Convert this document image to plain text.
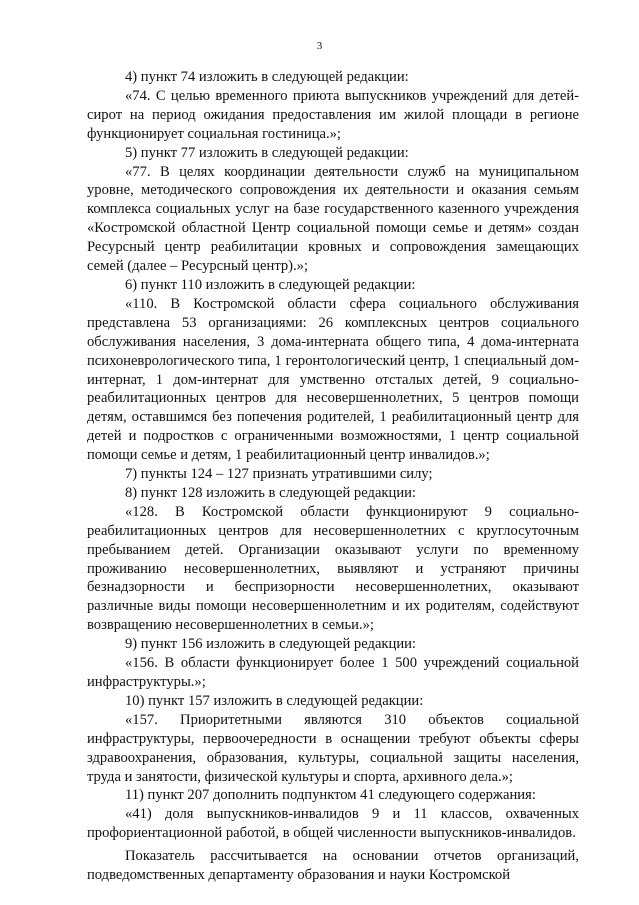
3

4) пункт 74 изложить в следующей редакции:

«74. С целью временного приюта выпускников учреждений для детей-сирот на период ожидания предоставления им жилой площади в регионе функционирует социальная гостиница.»;

5) пункт 77 изложить в следующей редакции:

«77. В целях координации деятельности служб на муниципальном уровне, методического сопровождения их деятельности и оказания семьям комплекса социальных услуг на базе государственного казенного учреждения «Костромской областной Центр социальной помощи семье и детям» создан Ресурсный центр реабилитации кровных и сопровождения замещающих семей (далее – Ресурсный центр).»;

6) пункт 110 изложить в следующей редакции:

«110. В Костромской области сфера социального обслуживания представлена 53 организациями: 26 комплексных центров социального обслуживания населения, 3 дома-интерната общего типа, 4 дома-интерната психоневрологического типа, 1 геронтологический центр, 1 специальный дом-интернат, 1 дом-интернат для умственно отсталых детей, 9 социально-реабилитационных центров для несовершеннолетних, 5 центров помощи детям, оставшимся без попечения родителей, 1 реабилитационный центр для детей и подростков с ограниченными возможностями, 1 центр социальной помощи семье и детям, 1 реабилитационный центр инвалидов.»;

7) пункты 124 – 127 признать утратившими силу;

8) пункт 128 изложить в следующей редакции:

«128. В Костромской области функционируют 9 социально-реабилитационных центров для несовершеннолетних с круглосуточным пребыванием детей. Организации оказывают услуги по временному проживанию несовершеннолетних, выявляют и устраняют причины безнадзорности и беспризорности несовершеннолетних, оказывают различные виды помощи несовершеннолетним и их родителям, содействуют возвращению несовершеннолетних в семьи.»;

9) пункт 156 изложить в следующей редакции:

«156. В области функционирует более 1 500 учреждений социальной инфраструктуры.»;

10) пункт 157 изложить в следующей редакции:

«157. Приоритетными являются 310 объектов социальной инфраструктуры, первоочередности в оснащении требуют объекты сферы здравоохранения, образования, культуры, социальной защиты населения, труда и занятости, физической культуры и спорта, архивного дела.»;

11) пункт 207 дополнить подпунктом 41 следующего содержания:

«41) доля выпускников-инвалидов 9 и 11 классов, охваченных профориентационной работой, в общей численности выпускников-инвалидов.

Показатель рассчитывается на основании отчетов организаций, подведомственных департаменту образования и науки Костромской
